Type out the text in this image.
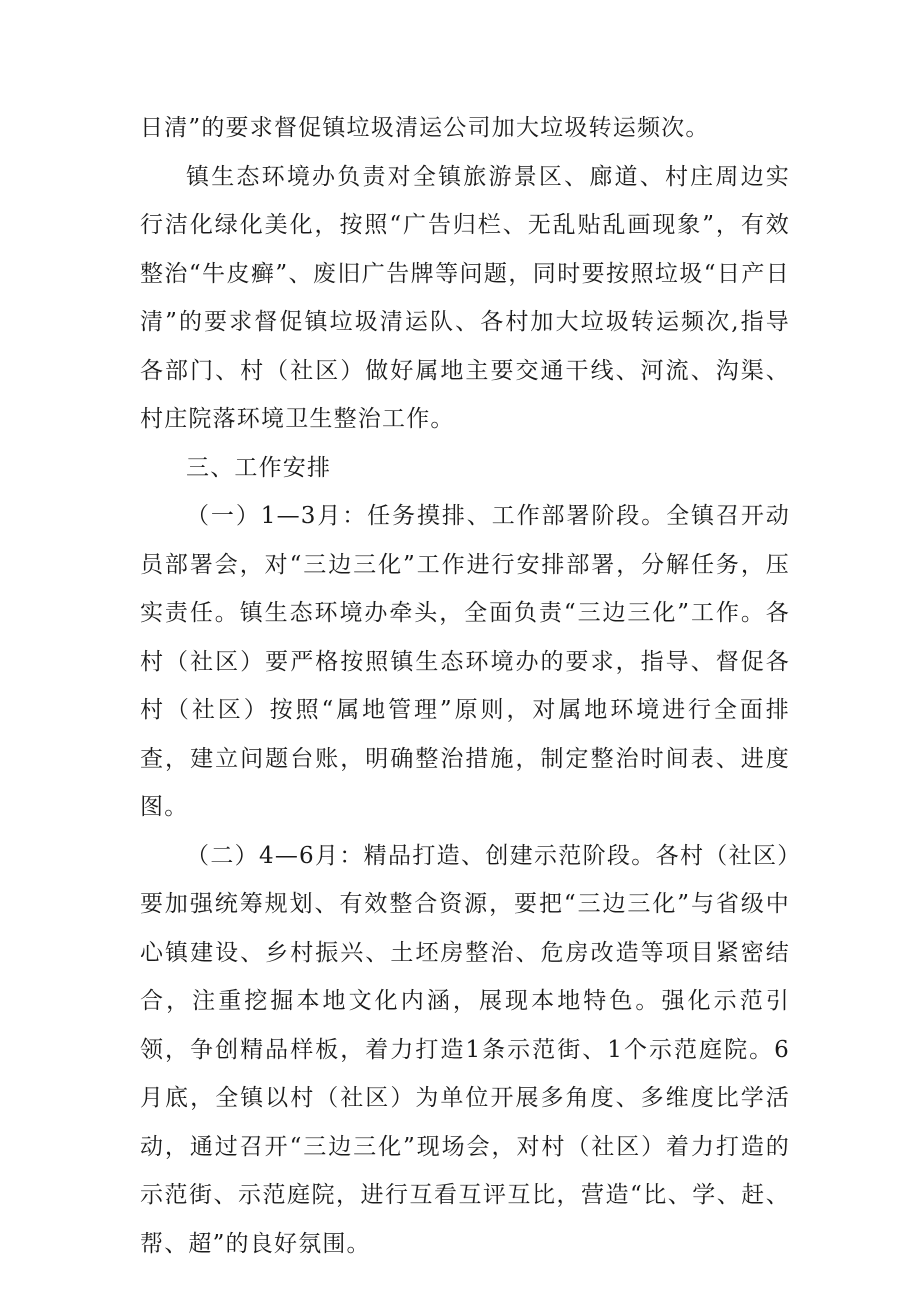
日清”的要求督促镇垃圾清运公司加大垃圾转运频次。

镇生态环境办负责对全镇旅游景区、廊道、村庄周边实行洁化绿化美化，按照“广告归栏、无乱贴乱画现象”，有效整治“牛皮癣”、废旧广告牌等问题，同时要按照垃圾“日产日清”的要求督促镇垃圾清运队、各村加大垃圾转运频次,指导各部门、村（社区）做好属地主要交通干线、河流、沟渠、村庄院落环境卫生整治工作。

三、工作安排

（一）1—3月：任务摸排、工作部署阶段。全镇召开动员部署会，对“三边三化”工作进行安排部署，分解任务，压实责任。镇生态环境办牵头，全面负责“三边三化”工作。各村（社区）要严格按照镇生态环境办的要求，指导、督促各村（社区）按照“属地管理”原则，对属地环境进行全面排查，建立问题台账，明确整治措施，制定整治时间表、进度图。

（二）4—6月：精品打造、创建示范阶段。各村（社区）要加强统筹规划、有效整合资源，要把“三边三化”与省级中心镇建设、乡村振兴、土坯房整治、危房改造等项目紧密结合，注重挖掘本地文化内涵，展现本地特色。强化示范引领，争创精品样板，着力打造1条示范街、1个示范庭院。6月底，全镇以村（社区）为单位开展多角度、多维度比学活动，通过召开“三边三化”现场会，对村（社区）着力打造的示范街、示范庭院，进行互看互评互比，营造“比、学、赶、帮、超”的良好氛围。
